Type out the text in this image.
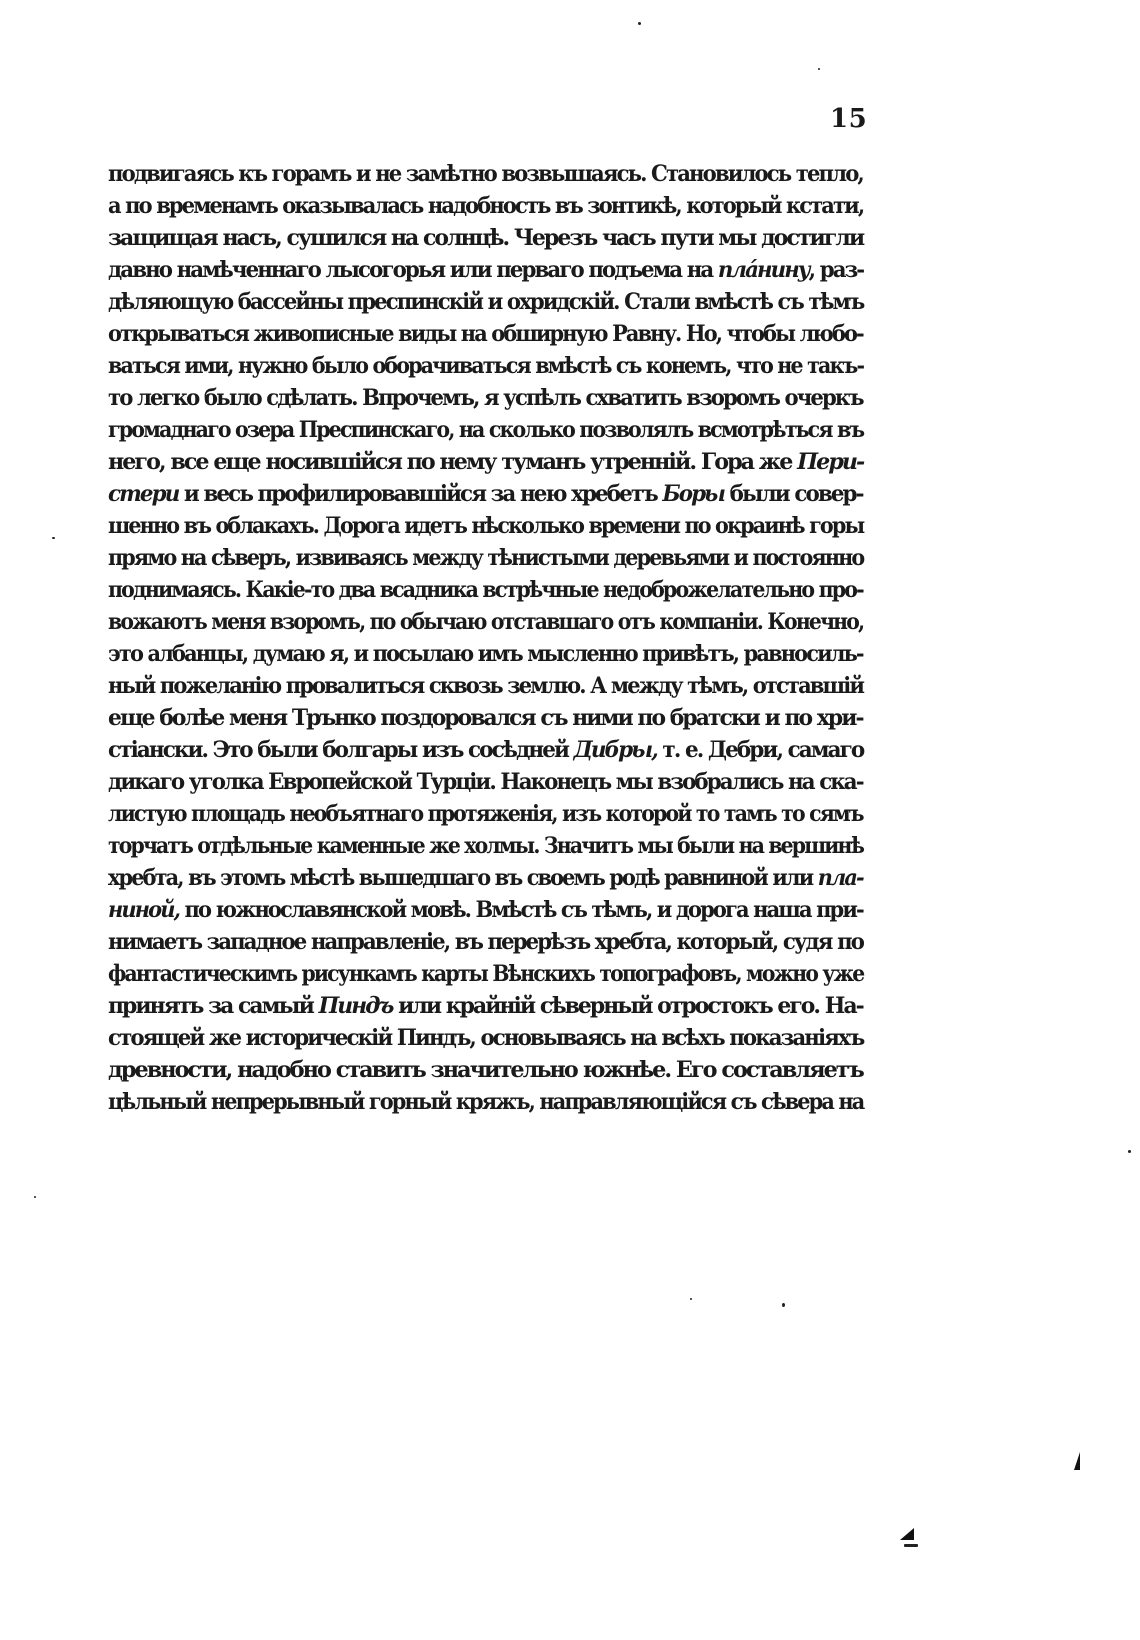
15
подвигаясь къ горамъ и не замѣтно возвышаясь. Становилось тепло,
а по временамъ оказывалась надобность въ зонтикѣ, который кстати,
защищая насъ, сушился на солнцѣ. Черезъ часъ пути мы достигли
давно намѣченнаго лысогорья или перваго подъема на плáнину, раз-
дѣляющую бассейны преспинскій и охридскій. Стали вмѣстѣ съ тѣмъ
открываться живописные виды на обширную Равну. Но, чтобы любо-
ваться ими, нужно было оборачиваться вмѣстѣ съ конемъ, что не такъ-
то легко было сдѣлать. Впрочемъ, я успѣлъ схватить взоромъ очеркъ
громаднаго озера Преспинскаго, на сколько позволялъ всмотрѣться въ
него, все еще носившійся по нему туманъ утренній. Гора же Пери-
стери и весь профилировавшійся за нею хребетъ Боры были совер-
шенно въ облакахъ. Дорога идетъ нѣсколько времени по окраинѣ горы
прямо на сѣверъ, извиваясь между тѣнистыми деревьями и постоянно
поднимаясь. Какіе-то два всадника встрѣчные недоброжелательно про-
вожаютъ меня взоромъ, по обычаю отставшаго отъ компаніи. Конечно,
это албанцы, думаю я, и посылаю имъ мысленно привѣтъ, равносиль-
ный пожеланію провалиться сквозь землю. А между тѣмъ, отставшій
еще болѣе меня Трънко поздоровался съ ними по братски и по хри-
стіански. Это были болгары изъ сосѣдней Дибры, т. е. Дебри, самаго
дикаго уголка Европейской Турціи. Наконецъ мы взобрались на ска-
листую площадь необъятнаго протяженія, изъ которой то тамъ то сямъ
торчатъ отдѣльные каменные же холмы. Значитъ мы были на вершинѣ
хребта, въ этомъ мѣстѣ вышедшаго въ своемъ родѣ равниной или пла-
ниной, по южнославянской мовѣ. Вмѣстѣ съ тѣмъ, и дорога наша при-
нимаетъ западное направленіе, въ перерѣзъ хребта, который, судя по
фантастическимъ рисункамъ карты Вѣнскихъ топографовъ, можно уже
принять за самый Пиндъ или крайній сѣверный отростокъ его. На-
стоящей же историческій Пиндъ, основываясь на всѣхъ показаніяхъ
древности, надобно ставить значительно южнѣе. Его составляетъ
цѣльный непрерывный горный кряжъ, направляющійся съ сѣвера на
